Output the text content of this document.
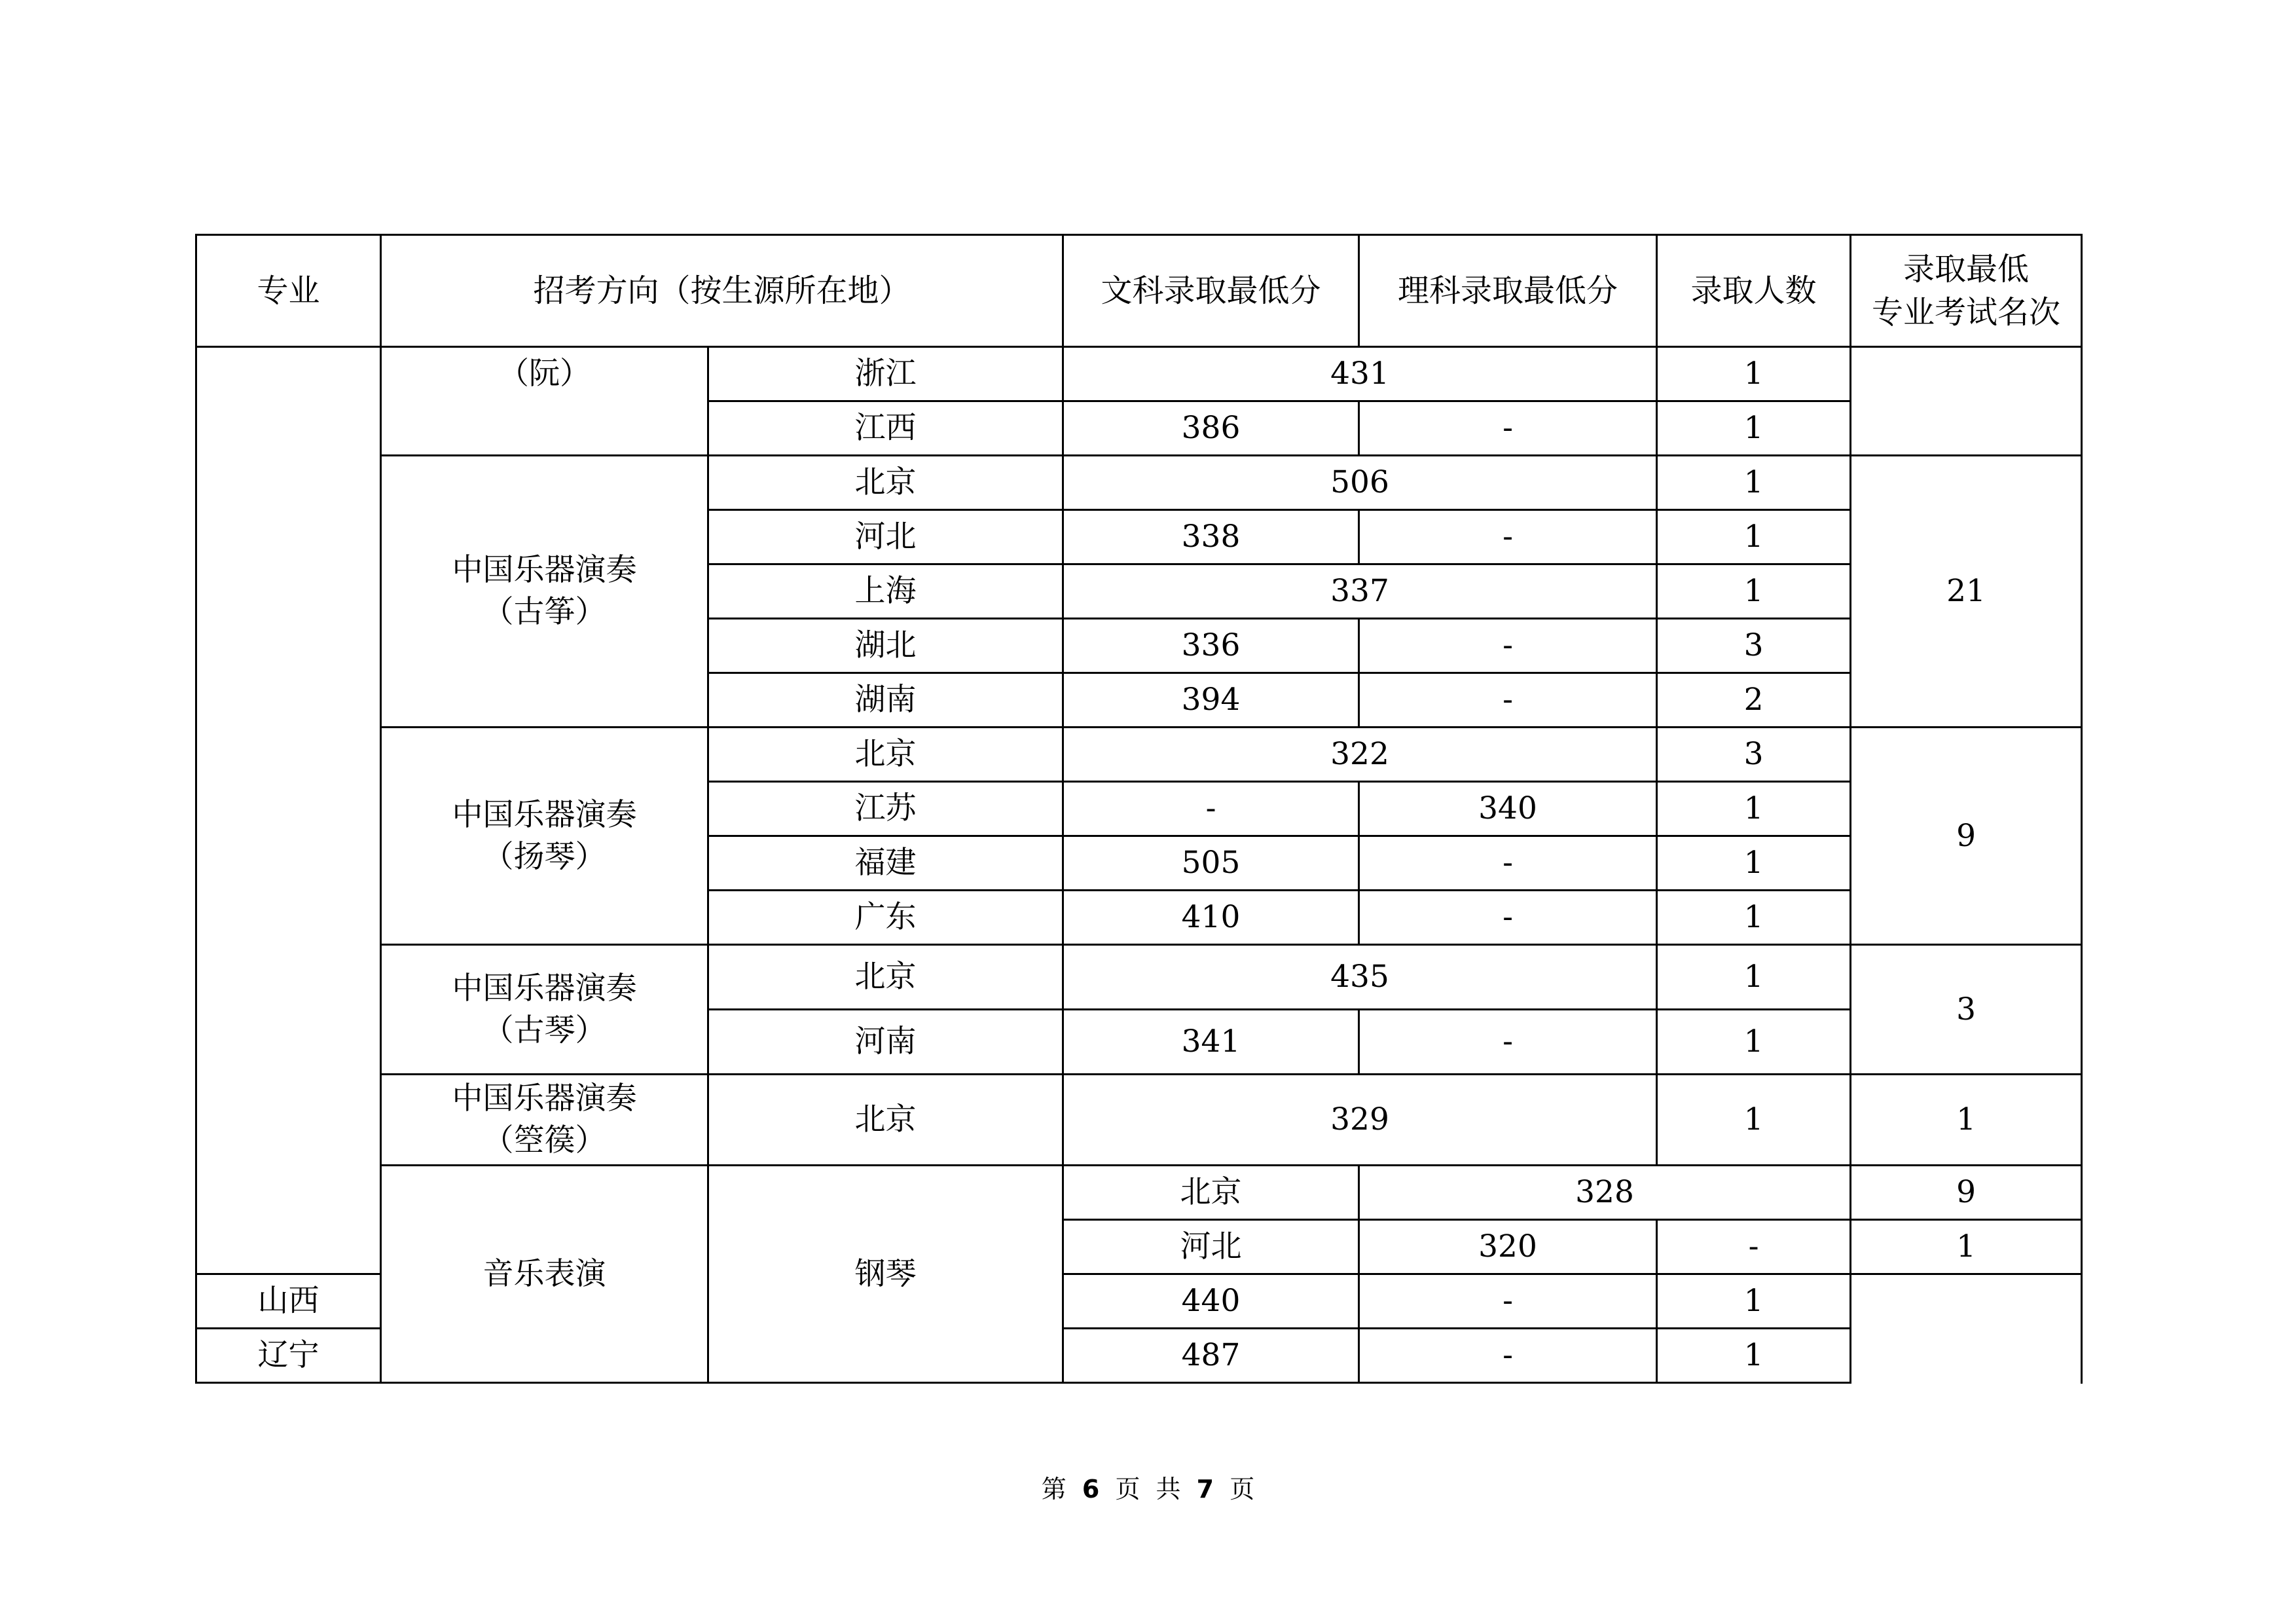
专业	招考方向（按生源所在地）		文科录取最低分	理科录取最低分	录取人数	录取最低
专业考试名次	

	（阮）	浙江	431		1		
		江西	386	-	1		

	中国乐器演奏
（古筝）	北京	506		1	21	
		河北	338	-	1		
		上海	337		1		
		湖北	336	-	3		
		湖南	394	-	2		

	中国乐器演奏
（扬琴）	北京	322		3	9	
		江苏	-	340	1		
		福建	505	-	1		
		广东	410	-	1		

	中国乐器演奏
（古琴）	北京	435		1	3	
		河南	341	-	1		

	中国乐器演奏
（箜篌）	北京	329		1	1	
	音乐表演	钢琴	北京	328		9	
			河北	320	-	1	
山西			440	-	1		
辽宁			487	-	1		
第 6 页 共 7 页
